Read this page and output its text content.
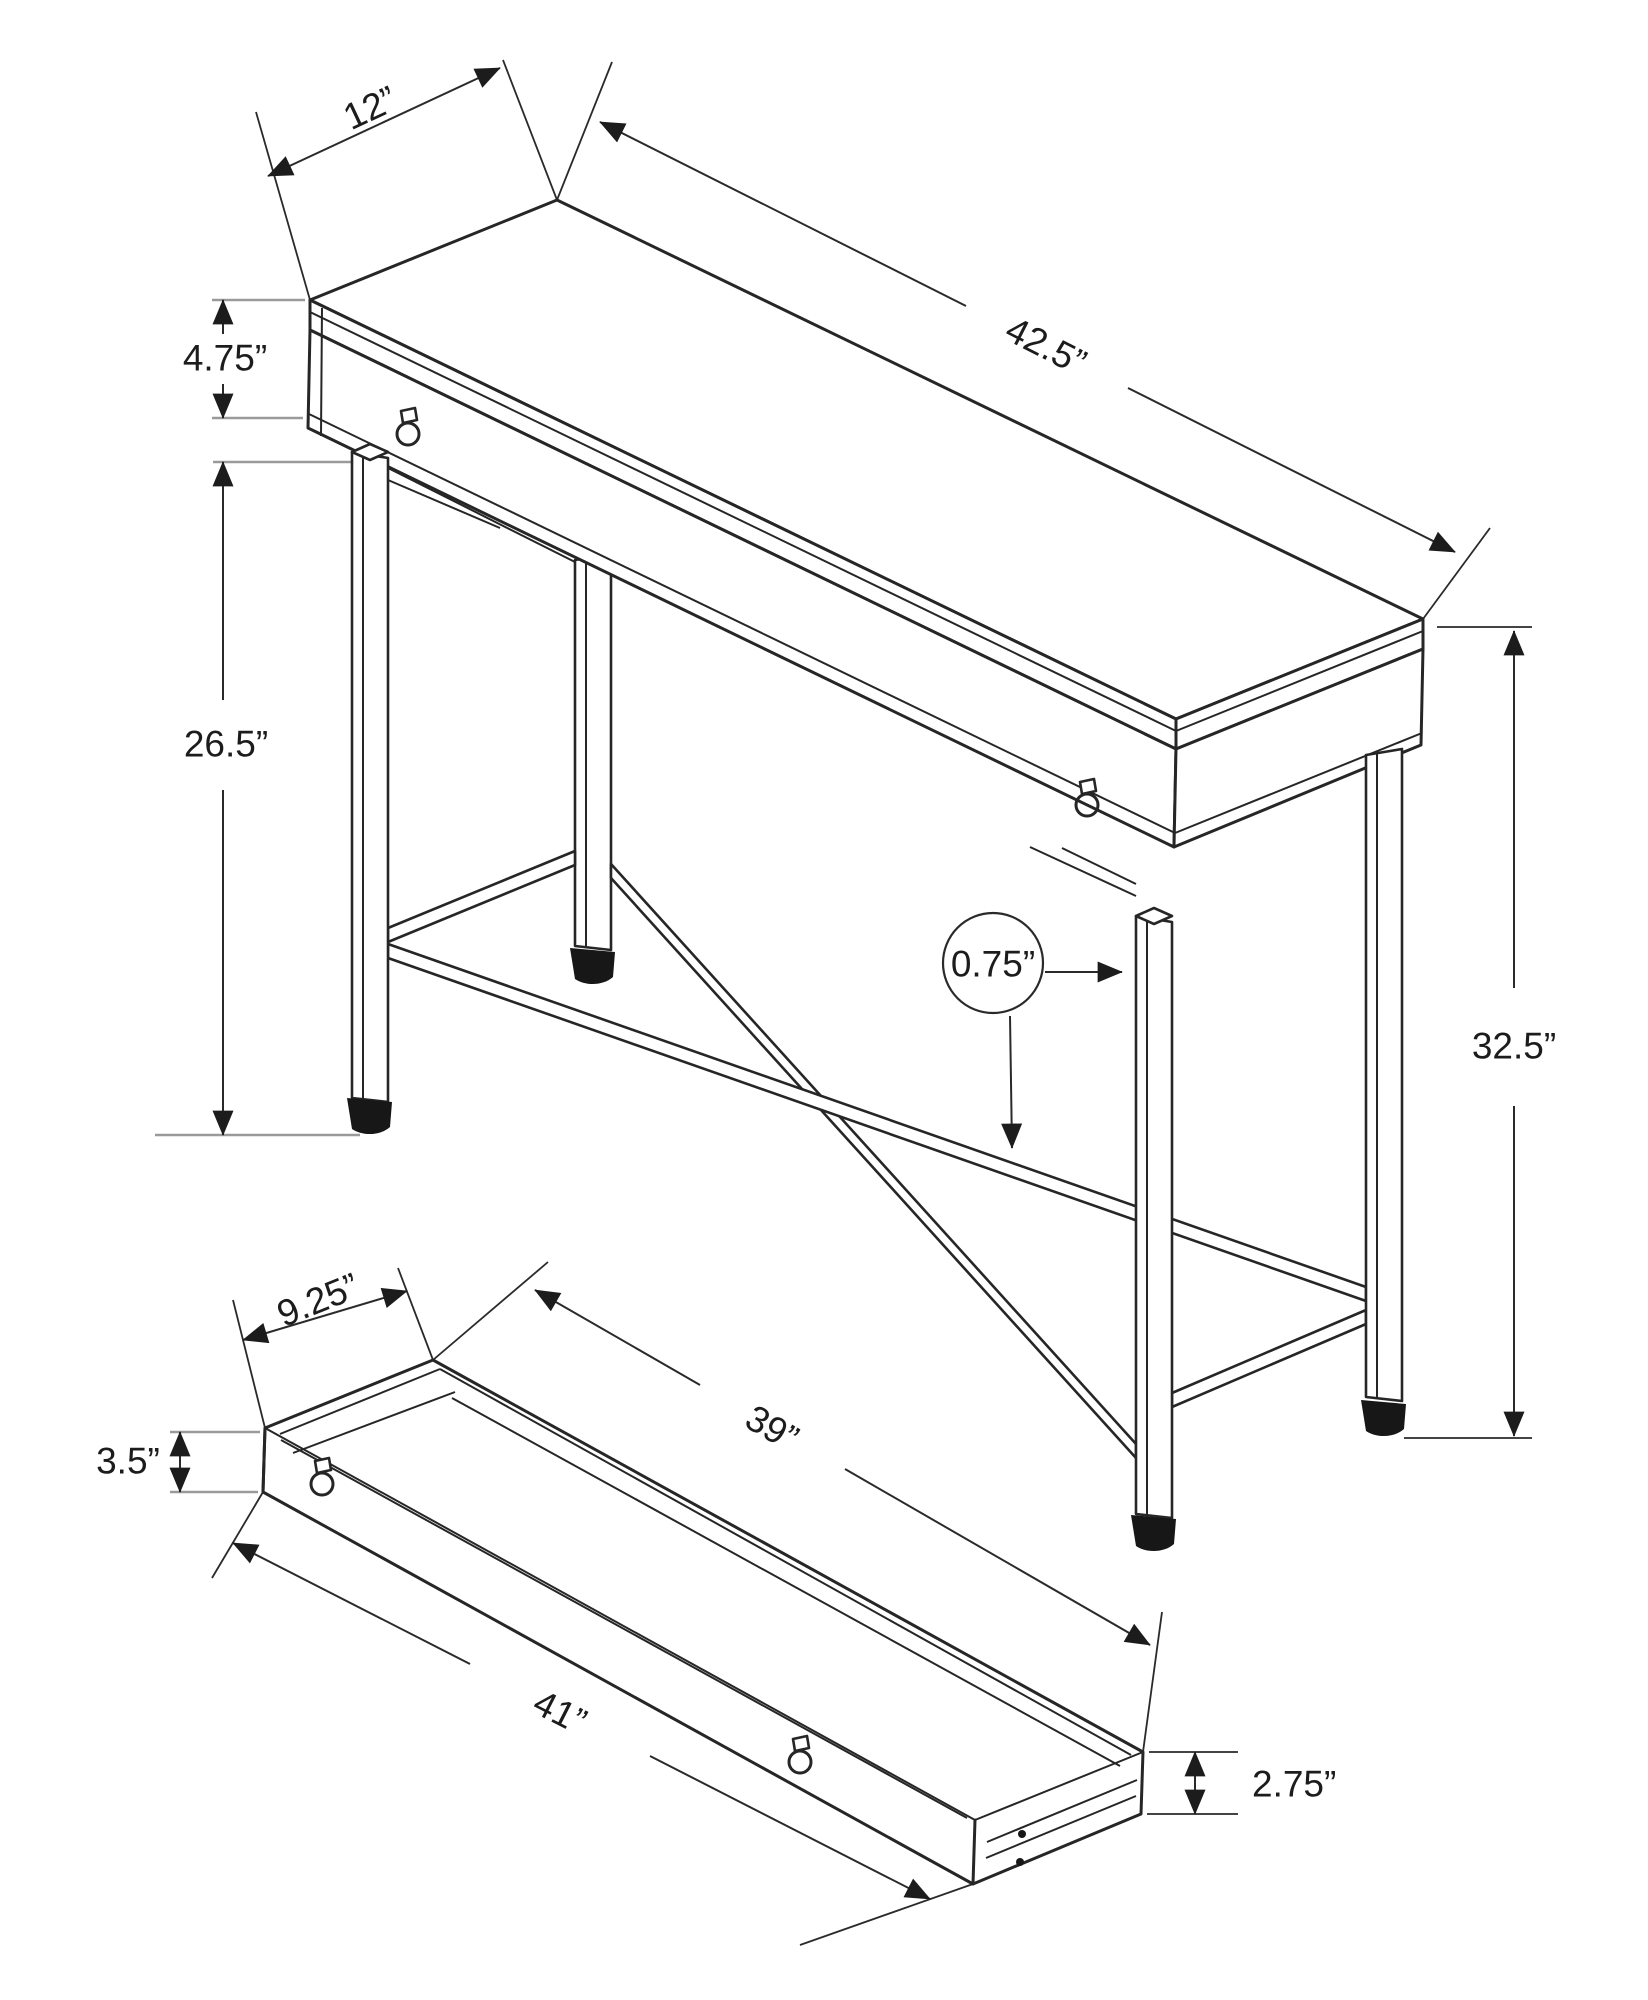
0.75”
12”
42.5”
4.75”
26.5”
32.5”
9.25”
39”
3.5”
41”
2.75”
